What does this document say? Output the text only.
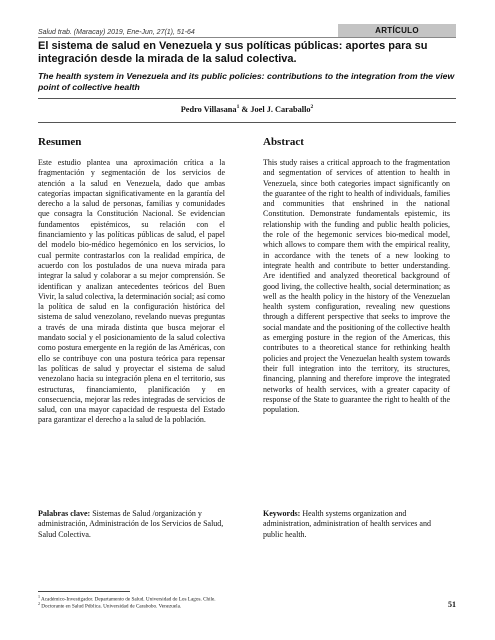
Salud trab. (Maracay) 2019, Ene-Jun, 27(1), 51-64	ARTÍCULO
El sistema de salud en Venezuela y sus políticas públicas: aportes para su integración desde la mirada de la salud colectiva.
The health system in Venezuela and its public policies: contributions to the integration from the view point of collective health
Pedro Villasana$^1$ & Joel J. Caraballo$^2$
Resumen	Abstract

Este estudio plantea una aproximación crítica a la fragmentación y segmentación de los servicios de atención a la salud en Venezuela, dado que ambas categorías impactan significativamente en la garantía del derecho a la salud de personas, familias y comunidades que consagra la Constitución Nacional. Se evidencian fundamentos epistémicos, su relación con el financiamiento y las políticas públicas de salud, el papel del modelo bio-médico hegemónico en los servicios, lo cual permite contrastarlos con la realidad empírica, de acuerdo con los postulados de una nueva mirada para integrar la salud y colaborar a su mejor comprensión. Se identifican y analizan antecedentes teóricos del Buen Vivir, la salud colectiva, la determinación social; así como la política de salud en la configuración histórica del sistema de salud venezolano, revelando nuevas preguntas a través de una mirada distinta que busca mejorar el mandato social y el posicionamiento de la salud colectiva como postura emergente en la región de las Américas, con ello se contribuye con una postura teórica para repensar las políticas de salud y proyectar el sistema de salud venezolano hacia su integración plena en el territorio, sus estructuras, financiamiento, planificación y en consecuencia, mejorar las redes integradas de servicios de salud, con una mayor capacidad de respuesta del Estado para garantizar el derecho a la salud de la población.

This study raises a critical approach to the fragmentation and segmentation of services of attention to health in Venezuela, since both categories impact significantly on the guarantee of the right to health of individuals, families and communities that enshrined in the national Constitution. Demonstrate fundamentals epistemic, its relationship with the funding and public health policies, the role of the hegemonic services bio-medical model, which allows to compare them with the empirical reality, in accordance with the tenets of a new looking to integrate health and contribute to better understanding. Are identified and analyzed theoretical background of good living, the collective health, social determination; as well as the health policy in the history of the Venezuelan health system configuration, revealing new questions through a different perspective that seeks to improve the social mandate and the positioning of the collective health as emerging posture in the region of the Americas, this contributes to a theoretical stance for rethinking health policies and project the Venezuelan health system towards their full integration into the territory, its structures, financing, planning and therefore improve the integrated networks of health services, with a greater capacity of response of the State to guarantee the right to health of the population.

Palabras clave: Sistemas de Salud /organización y administración, Administración de los Servicios de Salud, Salud Colectiva.

Keywords: Health systems organization and administration, administration of health services and public health.

$^1$ Académico-Investigador. Departamento de Salud. Universidad de Los Lagos. Chile.
$^2$ Doctorante en Salud Pública. Universidad de Carabobo. Venezuela.	51
